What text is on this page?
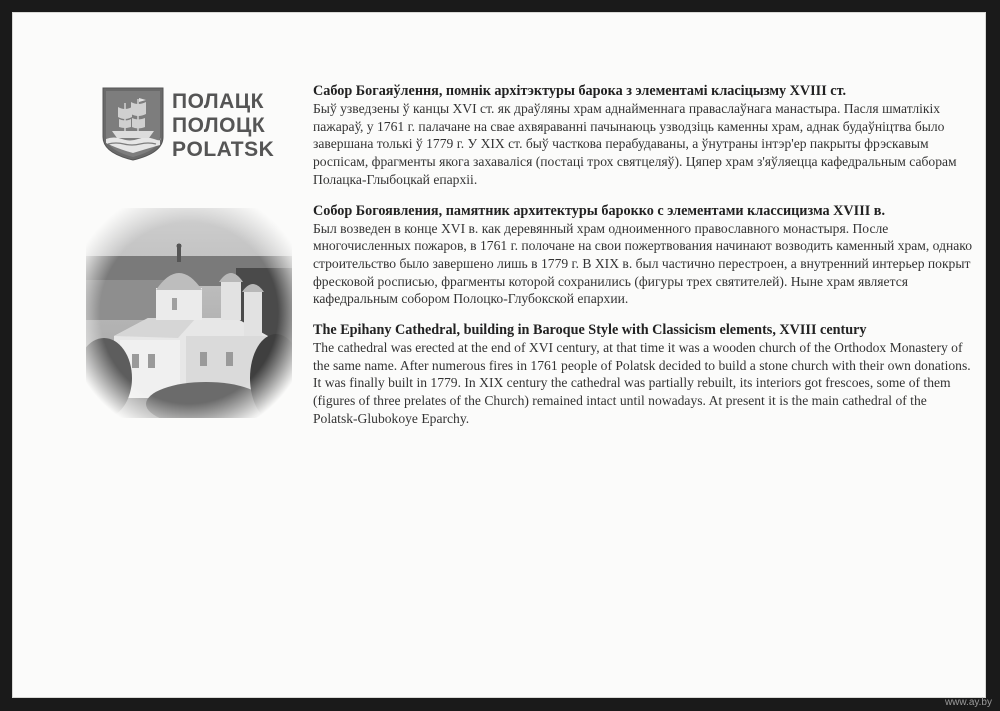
ПОЛАЦК
ПОЛОЦК
POLATSK
Сабор Богаяўлення, помнік архітэктуры барока з элементамі класіцызму XVIII ст.

Быў узведзены ў канцы XVI ст. як драўляны храм аднайменнага праваслаўнага манастыра. Пасля шматлікіх пажараў, у 1761 г. палачане на свае ахвяраванні пачынаюць узводзіць каменны храм, аднак будаўніцтва было завершана толькі ў 1779 г. У XIX ст. быў часткова перабудаваны, а ўнутраны інтэр'ер пакрыты фрэскавым роспісам, фрагменты якога захаваліся (постаці трох святцеляў). Цяпер храм з'яўляецца кафедральным саборам Полацка-Глыбоцкай епархіі.

Собор Богоявления, памятник архитектуры барокко с элементами классицизма XVIII в.

Был возведен в конце XVI в. как деревянный храм одноименного православного монастыря. После многочисленных пожаров, в 1761 г. полочане на свои пожертвования начинают возводить каменный храм, однако строительство было завершено лишь в 1779 г. В XIX в. был частично перестроен, а внутренний интерьер покрыт фресковой росписью, фрагменты которой сохранились (фигуры трех святителей). Ныне храм является кафедральным собором Полоцко-Глубокской епархии.

The Epihany Cathedral, building in Baroque Style with Classicism elements, XVIII century

The cathedral was erected at the end of XVI century, at that time it was a wooden church of the Orthodox Monastery of the same name. After numerous fires in 1761 people of Polatsk decided to build a stone church with their own donations. It was finally built in 1779. In XIX century the cathedral was partially rebuilt, its interiors got frescoes, some of them (figures of three prelates of the Church) remained intact until nowadays. At present it is the main cathedral of the Polatsk-Glubokoye Eparchy.

www.ay.by
